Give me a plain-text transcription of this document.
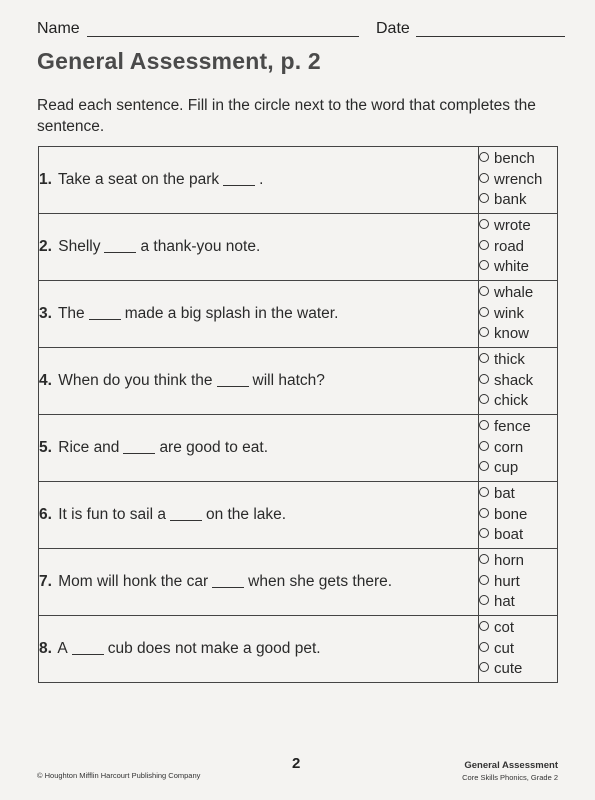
Name	Date
General Assessment, p. 2
Read each sentence. Fill in the circle next to the word that completes the sentence.
1. Take a seat on the park .	bench
wrench
bank

2. Shelly a thank-you note.	wrote
road
white

3. The made a big splash in the water.	whale
wink
know

4. When do you think the will hatch?	thick
shack
chick

5. Rice and are good to eat.	fence
corn
cup

6. It is fun to sail a on the lake.	bat
bone
boat

7. Mom will honk the car when she gets there.	horn
hurt
hat

8. A cub does not make a good pet.	cot
cut
cute
2
© Houghton Mifflin Harcourt Publishing Company
General Assessment
Core Skills Phonics, Grade 2
